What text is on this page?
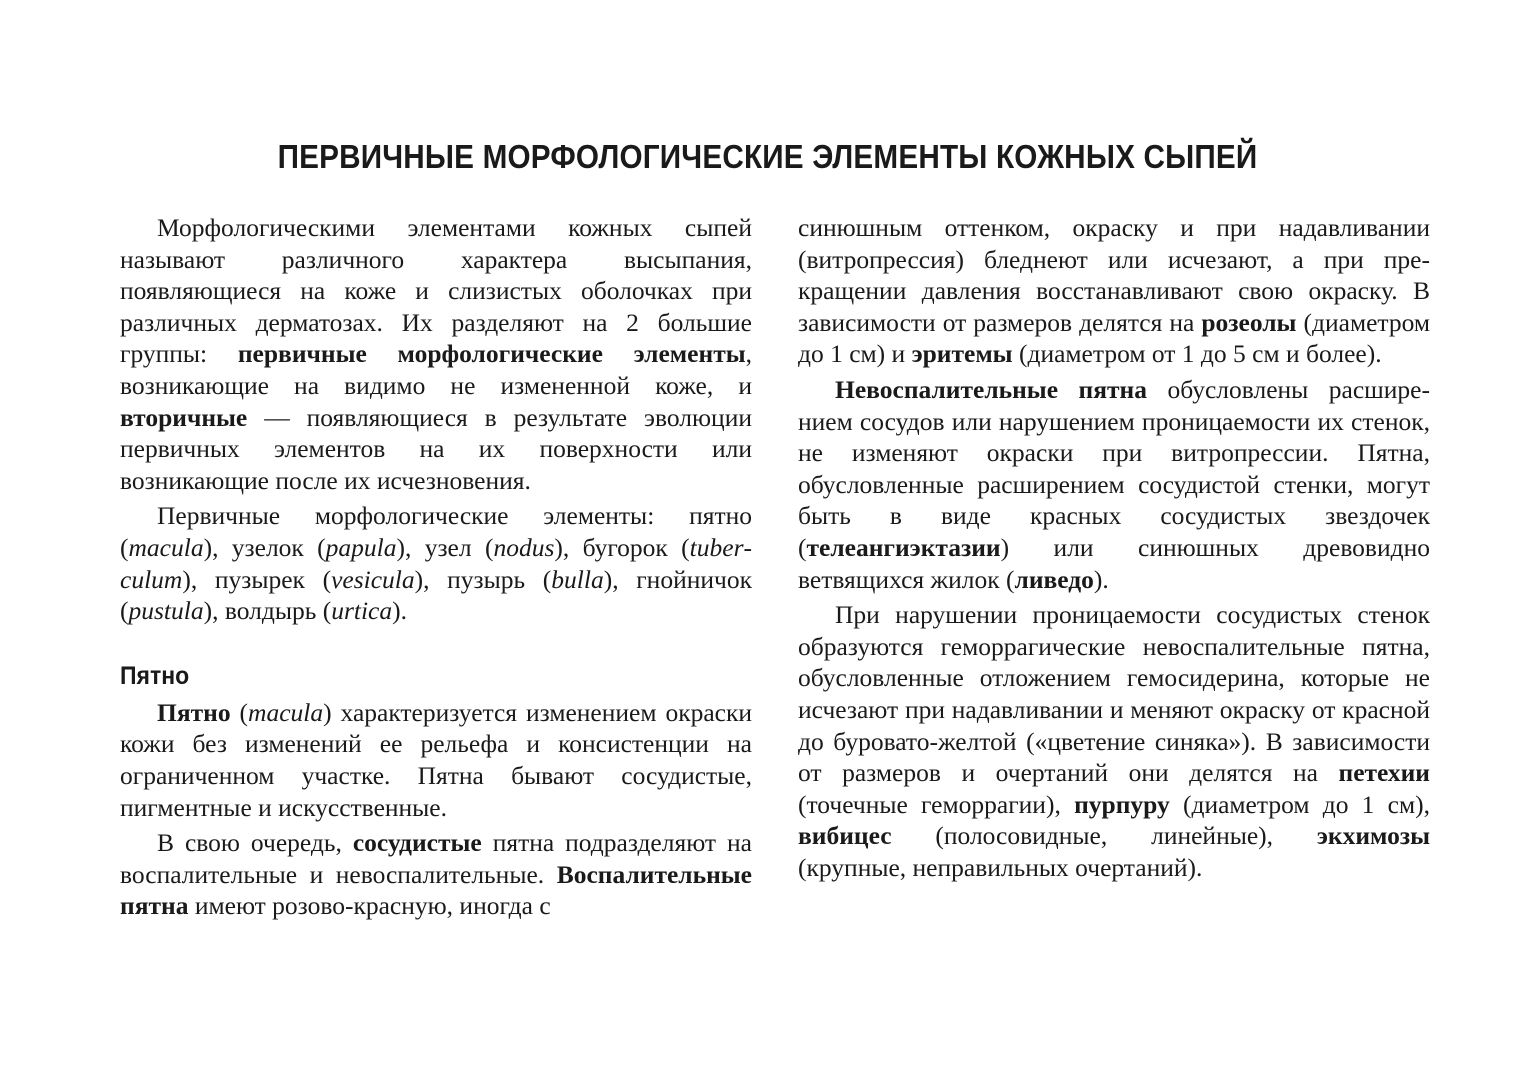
ПЕРВИЧНЫЕ МОРФОЛОГИЧЕСКИЕ ЭЛЕМЕНТЫ КОЖНЫХ СЫПЕЙ

Морфологическими элементами кожных сыпей называют различного характера высыпания, появляющиеся на коже и слизистых оболочках при различных дерматозах. Их разделяют на 2 большие группы: первичные морфологические элементы, возникающие на видимо не измененной коже, и вторичные — появляющиеся в результате эволюции первичных элементов на их поверхности или возникающие после их исчезновения.

Первичные морфологические элементы: пятно (macula), узелок (papula), узел (nodus), бугорок (tuberculum), пузырек (vesicula), пузырь (bulla), гнойничок (pustula), волдырь (urtica).

Пятно

Пятно (macula) характеризуется изменением окраски кожи без изменений ее рельефа и консистенции на ограниченном участке. Пятна бывают сосудистые, пигментные и искусственные.

В свою очередь, сосудистые пятна подразделяют на воспалительные и невоспалительные. Воспалительные пятна имеют розово-красную, иногда с

синюшным оттенком, окраску и при надавливании (витропрессия) бледнеют или исчезают, а при прекращении давления восстанавливают свою окраску. В зависимости от размеров делятся на розеолы (диаметром до 1 см) и эритемы (диаметром от 1 до 5 см и более).

Невоспалительные пятна обусловлены расширением сосудов или нарушением проницаемости их стенок, не изменяют окраски при витропрессии. Пятна, обусловленные расширением сосудистой стенки, могут быть в виде красных сосудистых звездочек (телеангиэктазии) или синюшных древовидно ветвящихся жилок (ливедо).

При нарушении проницаемости сосудистых стенок образуются геморрагические невоспалительные пятна, обусловленные отложением гемосидерина, которые не исчезают при надавливании и меняют окраску от красной до буровато-желтой («цветение синяка»). В зависимости от размеров и очертаний они делятся на петехии (точечные геморрагии), пурпуру (диаметром до 1 см), вибицес (полосовидные, линейные), экхимозы (крупные, неправильных очертаний).
